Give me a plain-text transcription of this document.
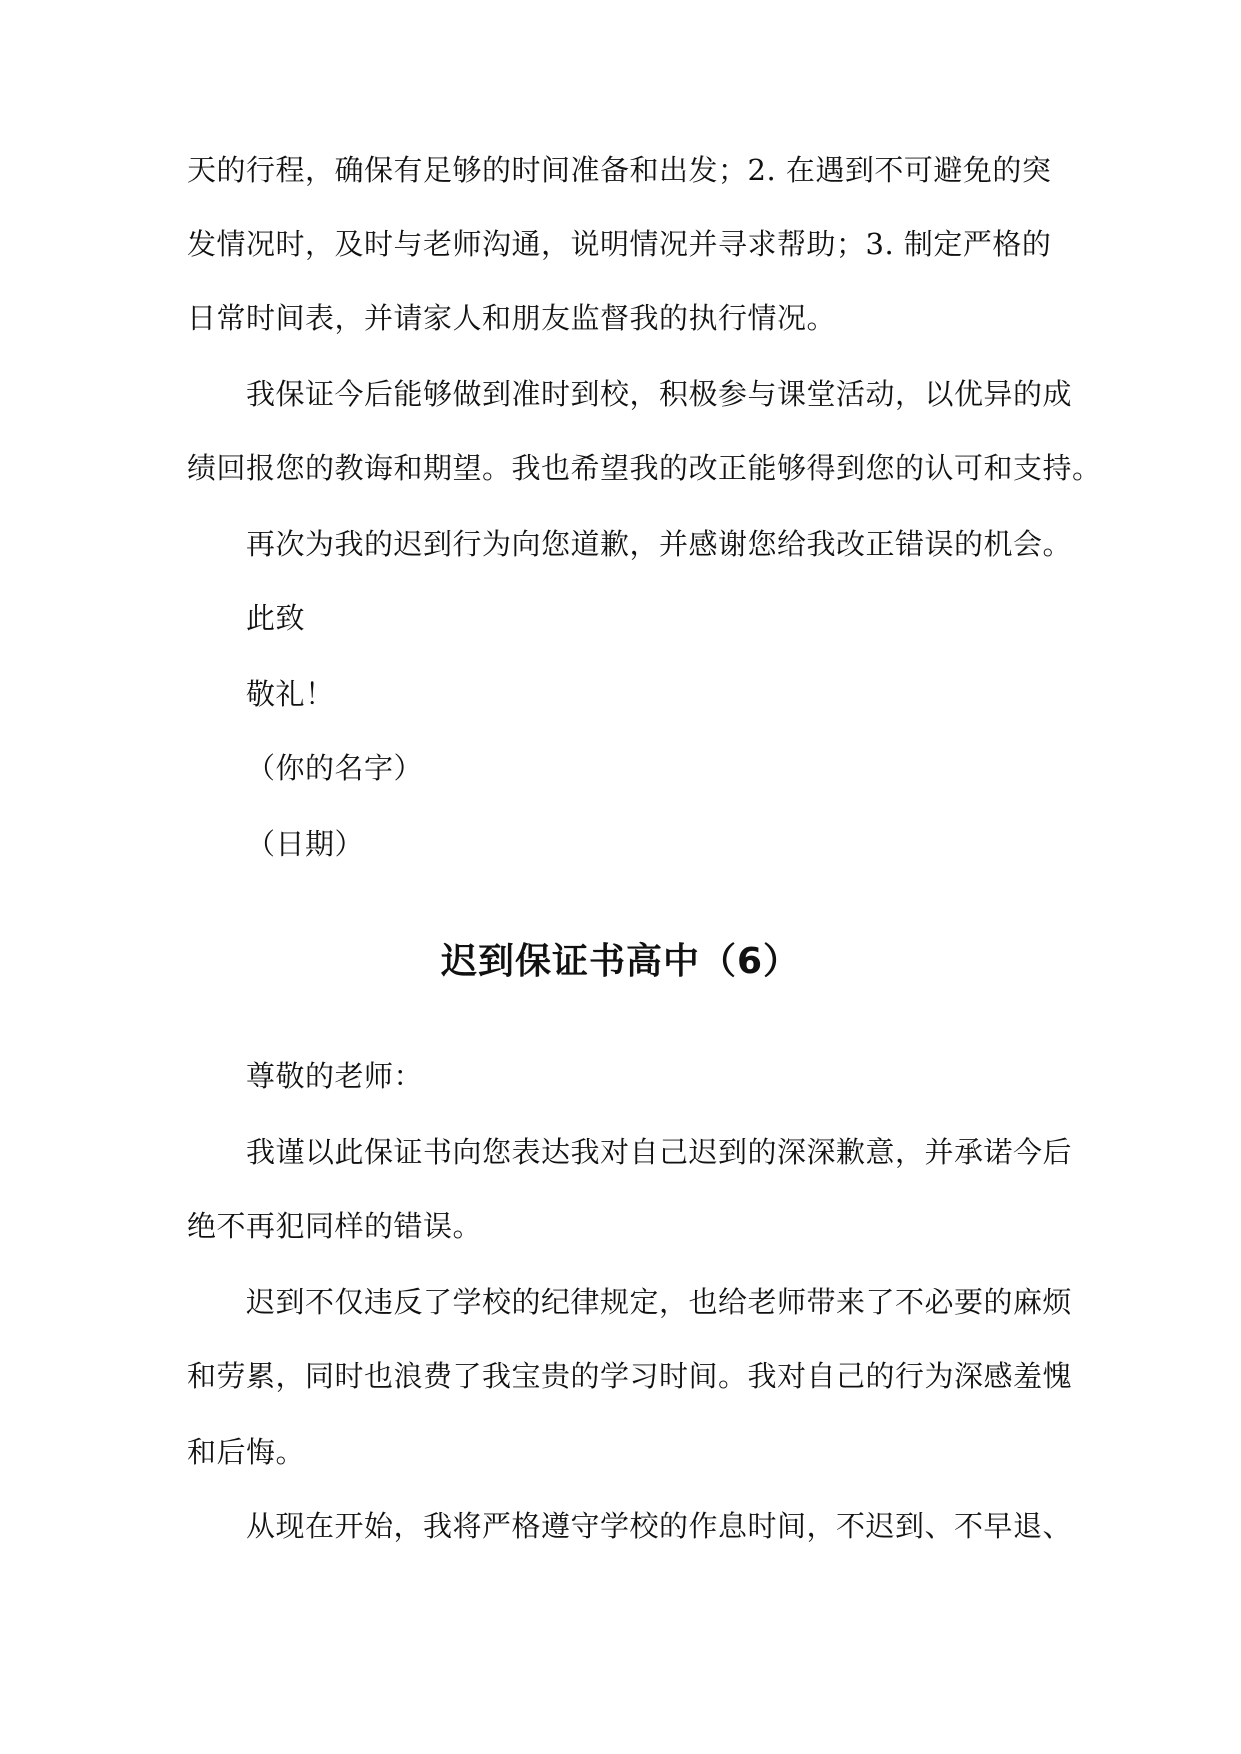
天的行程，确保有足够的时间准备和出发；2. 在遇到不可避免的突

发情况时，及时与老师沟通，说明情况并寻求帮助；3. 制定严格的

日常时间表，并请家人和朋友监督我的执行情况。

我保证今后能够做到准时到校，积极参与课堂活动，以优异的成

绩回报您的教诲和期望。我也希望我的改正能够得到您的认可和支持。

再次为我的迟到行为向您道歉，并感谢您给我改正错误的机会。

此致

敬礼！

（你的名字）

（日期）

迟到保证书高中（6）

尊敬的老师：

我谨以此保证书向您表达我对自己迟到的深深歉意，并承诺今后

绝不再犯同样的错误。

迟到不仅违反了学校的纪律规定，也给老师带来了不必要的麻烦

和劳累，同时也浪费了我宝贵的学习时间。我对自己的行为深感羞愧

和后悔。

从现在开始，我将严格遵守学校的作息时间，不迟到、不早退、
